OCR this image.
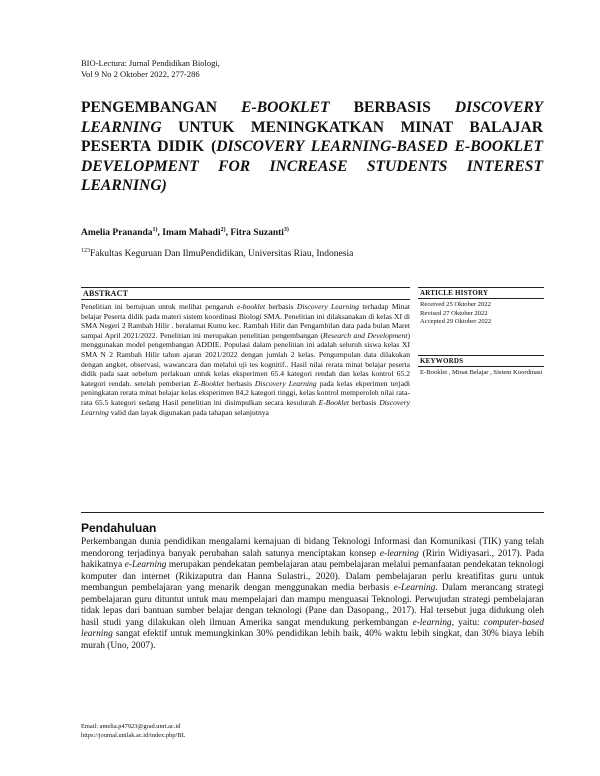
BIO-Lectura: Jurnal Pendidikan Biologi,
Vol 9 No 2 Oktober 2022, 277-286
PENGEMBANGAN E-BOOKLET BERBASIS DISCOVERY LEARNING UNTUK MENINGKATKAN MINAT BALAJAR PESERTA DIDIK (DISCOVERY LEARNING-BASED E-BOOKLET DEVELOPMENT FOR INCREASE STUDENTS INTEREST LEARNING)
Amelia Prananda$^{1)}$, Imam Mahadi$^{2)}$, Fitra Suzanti$^{3)}$
$^{123}$Fakultas Keguruan Dan IlmuPendidikan, Universitas Riau, Indonesia
ABSTRACT
Penelitian ini bertujuan untuk melihat pengaruh e-booklet berbasis Discovery Learning terhadap Minat belajar Peserta didik pada materi sistem koordinasi Biologi SMA. Penelitian ini dilaksanakan di kelas XI di SMA Negeri 2 Rambah Hilir . beralamat Kumu kec. Rambah Hilir dan Pengambilan data pada bulan Maret sampai April 2021/2022. Penelitian ini merupakan penelitian pengembangan (Research and Development) menggunakan model pengembangan ADDIE. Populasi dalam penelitian ini adalah seluruh siswa kelas XI SMA N 2 Rambah Hilir tahun ajaran 2021/2022 dengan jumlah 2 kelas. Pengumpulan data dilakukan dengan angket, observasi, wawancara dan melalui uji tes kognitif.. Hasil nilai rerata minat belajar peserta didik pada saat sebelum perlakuan untuk kelas eksperimen 65.4 kategori rendah dan kelas kontrol 65.2 kategori rendah. setelah pemberian E-Booklet berbasis Discovery Learning pada kelas ekperimen terjadi peningkatan rerata minat belajar kelas eksperimen 84,2 kategori tinggi, kelas kontrol memperoleh nilai rata-rata 65.5 kategori sedang Hasil penelitian ini disimpulkan secara kesulurah E-Booklet berbasis Discovery Learning valid dan layak digunakan pada tahapan selanjutnya
ARTICLE HISTORY
Received 25 Oktober 2022
Revised 27 Oktober 2022
Accepted 29 Oktober 2022
KEYWORDS
E-Booklet , Minat Belajar , Sistem Koordinasi
Pendahuluan
Perkembangan dunia pendidikan mengalami kemajuan di bidang Teknologi Informasi dan Komunikasi (TIK) yang telah mendorong terjadinya banyak perubahan salah satunya menciptakan konsep e-learning (Ririn Widiyasari., 2017). Pada hakikatnya e-Learning merupakan pendekatan pembelajaran atau pembelajaran melalui pemanfaatan pendekatan teknologi komputer dan internet (Rikizaputra dan Hanna Sulastri., 2020). Dalam pembelajaran perlu kreatifitas guru untuk membangun pembelajaran yang menarik dengan menggunakan media berbasis e-Learning. Dalam merancang strategi pembelajaran guru dituntut untuk mau mempelajari dan mampu menguasai Teknologi. Perwujudan strategi pembelajaran tidak lepas dari bantuan sumber belajar dengan teknologi (Pane dan Dasopang., 2017). Hal tersebut juga didukung oleh hasil studi yang dilakukan oleh ilmuan Amerika sangat mendukung perkembangan e-learning, yaitu: computer-based learning sangat efektif untuk memungkinkan 30% pendidikan lebih baik, 40% waktu lebih singkat, dan 30% biaya lebih murah (Uno, 2007).
Email: amelia.p47923@grad.unri.ac.id
https://journal.unilak.ac.id/index.php/BL
